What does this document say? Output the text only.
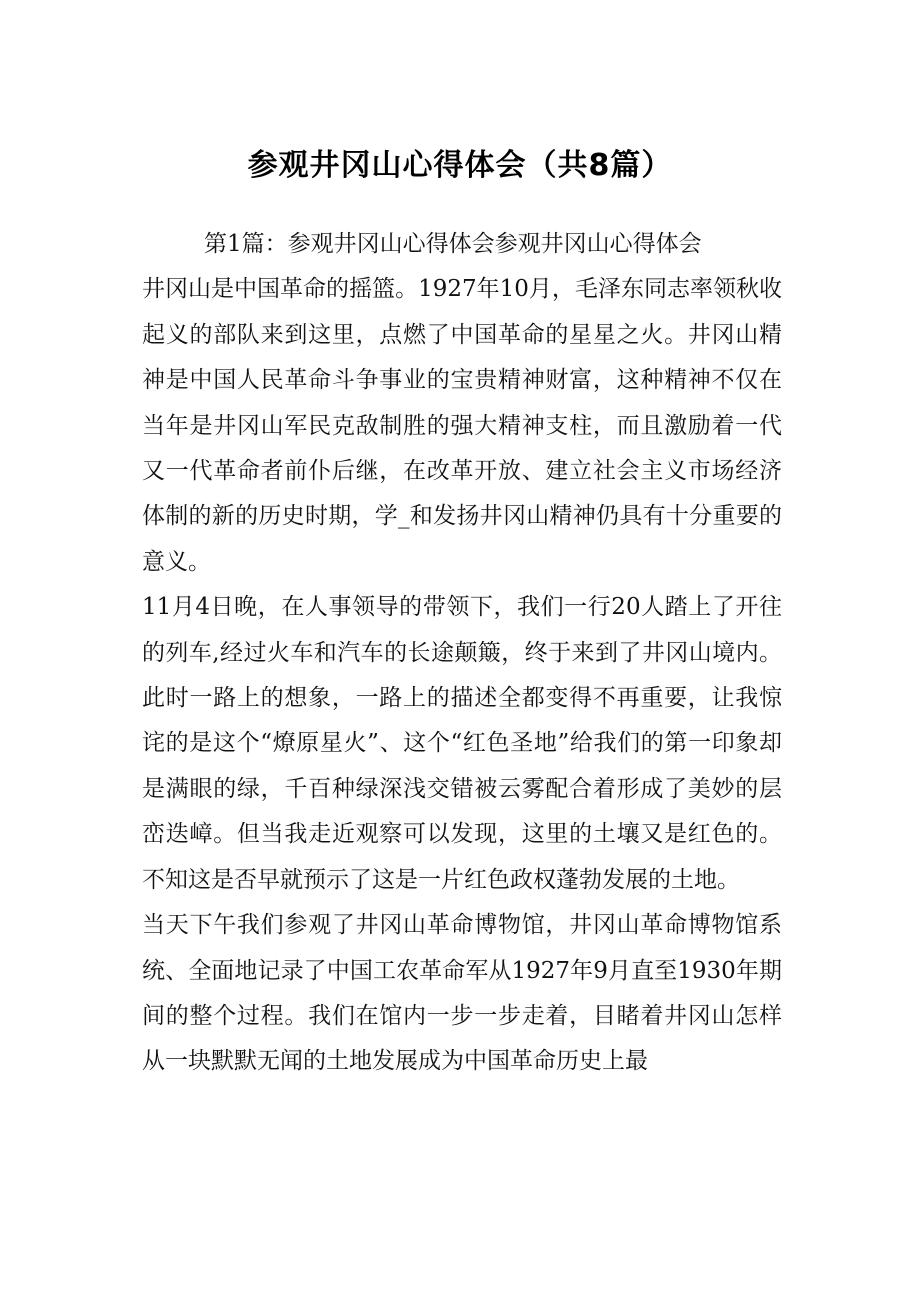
参观井冈山心得体会（共8篇）

第1篇：参观井冈山心得体会参观井冈山心得体会

井冈山是中国革命的摇篮。1927年10月，毛泽东同志率领秋收起义的部队来到这里，点燃了中国革命的星星之火。井冈山精神是中国人民革命斗争事业的宝贵精神财富，这种精神不仅在当年是井冈山军民克敌制胜的强大精神支柱，而且激励着一代又一代革命者前仆后继，在改革开放、建立社会主义市场经济体制的新的历史时期，学_和发扬井冈山精神仍具有十分重要的意义。

11月4日晚，在人事领导的带领下，我们一行20人踏上了开往的列车,经过火车和汽车的长途颠簸，终于来到了井冈山境内。此时一路上的想象，一路上的描述全都变得不再重要，让我惊诧的是这个“燎原星火”、这个“红色圣地”给我们的第一印象却是满眼的绿，千百种绿深浅交错被云雾配合着形成了美妙的层峦迭嶂。但当我走近观察可以发现，这里的土壤又是红色的。不知这是否早就预示了这是一片红色政权蓬勃发展的土地。

当天下午我们参观了井冈山革命博物馆，井冈山革命博物馆系统、全面地记录了中国工农革命军从1927年9月直至1930年期间的整个过程。我们在馆内一步一步走着，目睹着井冈山怎样从一块默默无闻的土地发展成为中国革命历史上最
